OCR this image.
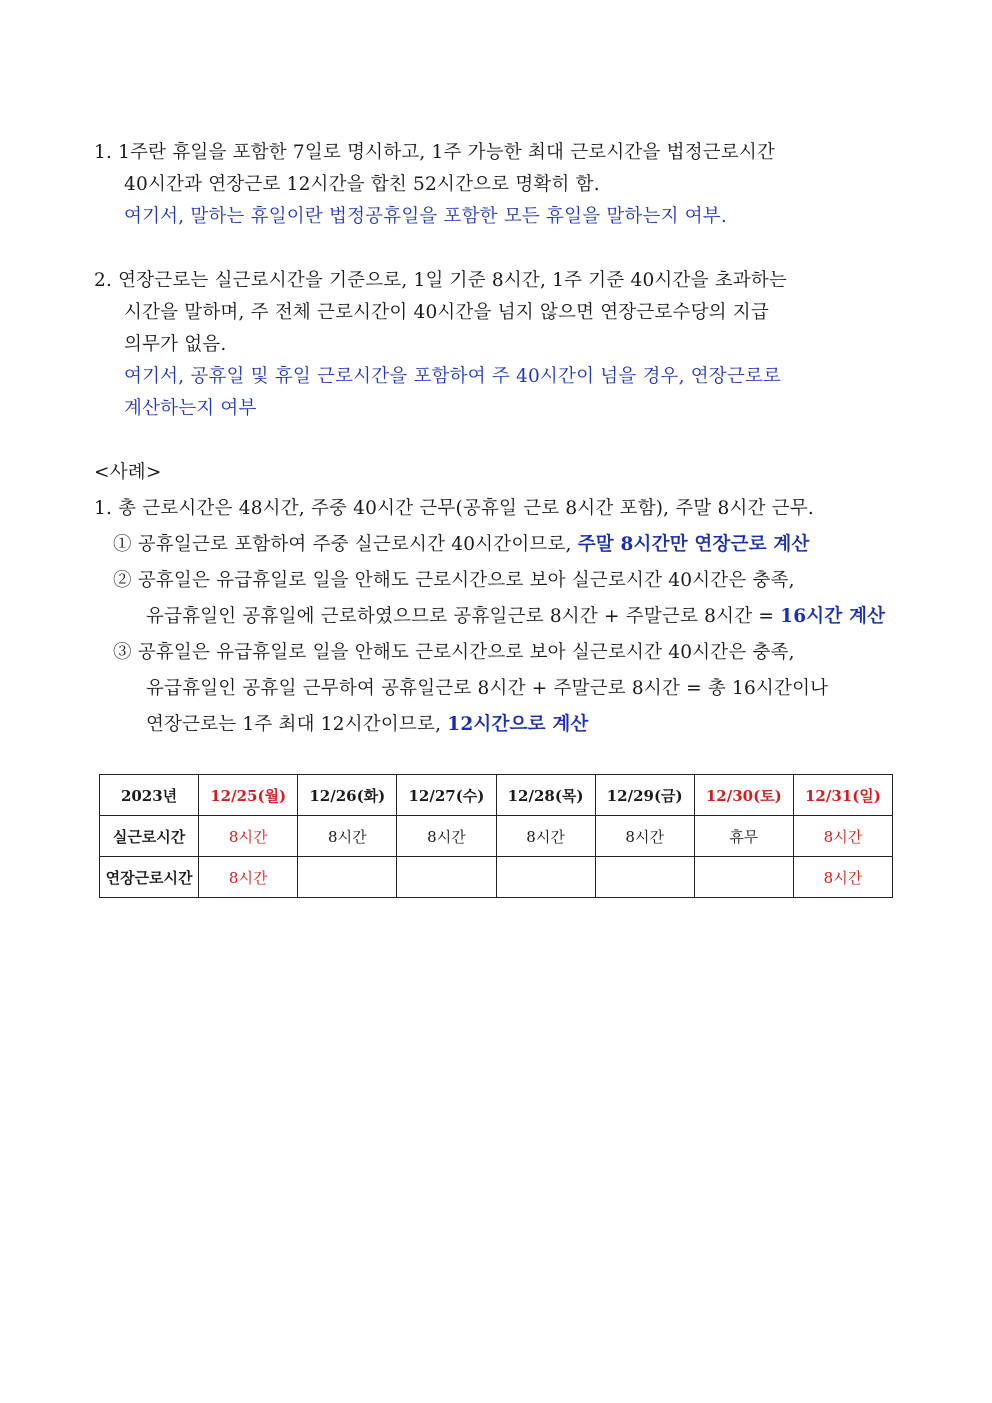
1. 1주란 휴일을 포함한 7일로 명시하고, 1주 가능한 최대 근로시간을 법정근로시간
40시간과 연장근로 12시간을 합친 52시간으로 명확히 함.
여기서, 말하는 휴일이란 법정공휴일을 포함한 모든 휴일을 말하는지 여부.
2. 연장근로는 실근로시간을 기준으로, 1일 기준 8시간, 1주 기준 40시간을 초과하는
시간을 말하며, 주 전체 근로시간이 40시간을 넘지 않으면 연장근로수당의 지급
의무가 없음.
여기서, 공휴일 및 휴일 근로시간을 포함하여 주 40시간이 넘을 경우, 연장근로로
계산하는지 여부
<사례>
1. 총 근로시간은 48시간, 주중 40시간 근무(공휴일 근로 8시간 포함), 주말 8시간 근무.
① 공휴일근로 포함하여 주중 실근로시간 40시간이므로, 주말 8시간만 연장근로 계산
② 공휴일은 유급휴일로 일을 안해도 근로시간으로 보아 실근로시간 40시간은 충족,
유급휴일인 공휴일에 근로하였으므로 공휴일근로 8시간 + 주말근로 8시간 = 16시간 계산
③ 공휴일은 유급휴일로 일을 안해도 근로시간으로 보아 실근로시간 40시간은 충족,
유급휴일인 공휴일 근무하여 공휴일근로 8시간 + 주말근로 8시간 = 총 16시간이나
연장근로는 1주 최대 12시간이므로, 12시간으로 계산
2023년	12/25(월)	12/26(화)	12/27(수)	12/28(목)	12/29(금)	12/30(토)	12/31(일)
실근로시간	8시간	8시간	8시간	8시간	8시간	휴무	8시간
연장근로시간	8시간						8시간
